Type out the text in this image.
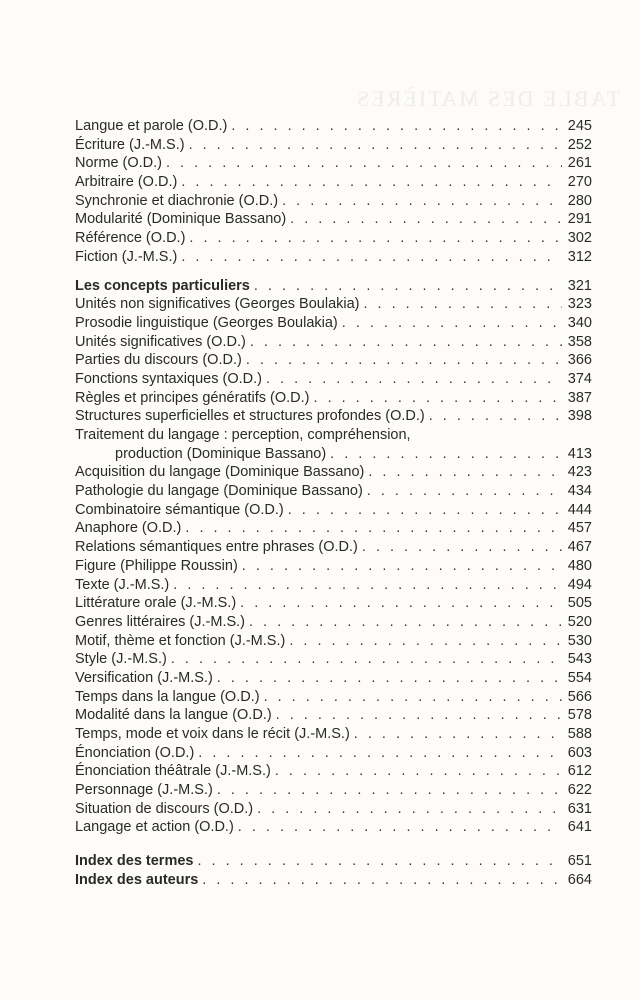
TABLE DES MATIÈRES
Langue et parole (O.D.) . . .	245
Écriture (J.-M.S.) . . .	252
Norme (O.D.) . . .	261
Arbitraire (O.D.) . . .	270
Synchronie et diachronie (O.D.) . . .	280
Modularité (Dominique Bassano) . . .	291
Référence (O.D.) . . .	302
Fiction (J.-M.S.) . . .	312
Les concepts particuliers . . .	321
Unités non significatives (Georges Boulakia) . . .	323
Prosodie linguistique (Georges Boulakia) . . .	340
Unités significatives (O.D.) . . .	358
Parties du discours (O.D.) . . .	366
Fonctions syntaxiques (O.D.) . . .	374
Règles et principes génératifs (O.D.) . . .	387
Structures superficielles et structures profondes (O.D.) . . .	398
Traitement du langage : perception, compréhension,
production (Dominique Bassano) . . .	413
Acquisition du langage (Dominique Bassano) . . .	423
Pathologie du langage (Dominique Bassano) . . .	434
Combinatoire sémantique (O.D.) . . .	444
Anaphore (O.D.) . . .	457
Relations sémantiques entre phrases (O.D.) . . .	467
Figure (Philippe Roussin) . . .	480
Texte (J.-M.S.) . . .	494
Littérature orale (J.-M.S.) . . .	505
Genres littéraires (J.-M.S.) . . .	520
Motif, thème et fonction (J.-M.S.) . . .	530
Style (J.-M.S.) . . .	543
Versification (J.-M.S.) . . .	554
Temps dans la langue (O.D.) . . .	566
Modalité dans la langue (O.D.) . . .	578
Temps, mode et voix dans le récit (J.-M.S.) . . .	588
Énonciation (O.D.) . . .	603
Énonciation théâtrale (J.-M.S.) . . .	612
Personnage (J.-M.S.) . . .	622
Situation de discours (O.D.) . . .	631
Langage et action (O.D.) . . .	641
Index des termes . . .	651
Index des auteurs . . .	664
